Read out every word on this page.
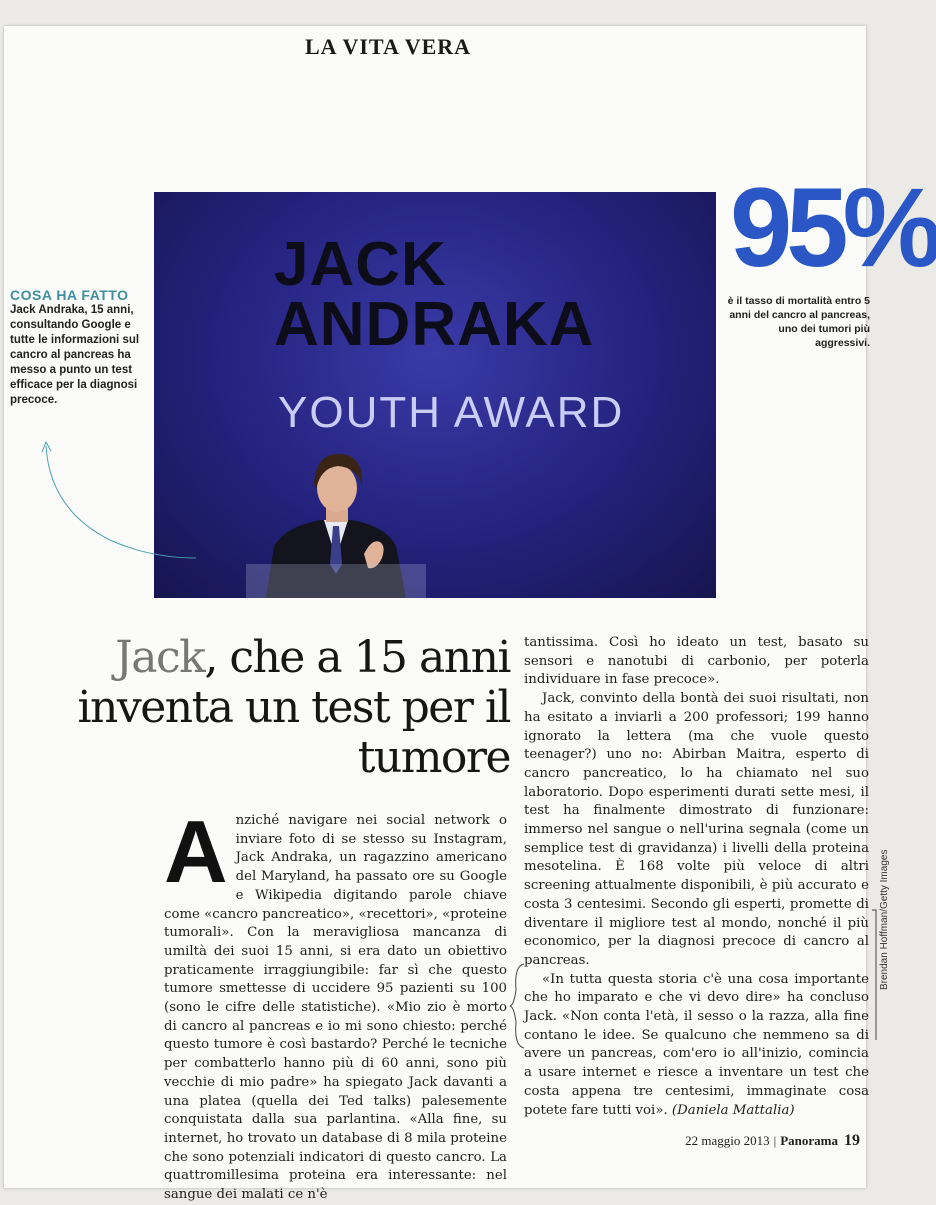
LA VITA VERA
JACK
ANDRAKA
YOUTH AWARD
COSA HA FATTO
Jack Andraka, 15 anni, consultando Google e tutte le informazioni sul cancro al pancreas ha messo a punto un test efficace per la diagnosi precoce.
95%
è il tasso di mortalità entro 5 anni del cancro al pancreas, uno dei tumori più aggressivi.
Jack, che a 15 anni inventa un test per il tumore
A nziché navigare nei social network o inviare foto di se stesso su Instagram, Jack Andraka, un ragazzino americano del Maryland, ha passato ore su Google e Wikipedia digitando parole chiave come «cancro pancreatico», «recettori», «proteine tumorali». Con la meravigliosa mancanza di umiltà dei suoi 15 anni, si era dato un obiettivo praticamente irraggiungibile: far sì che questo tumore smettesse di uccidere 95 pazienti su 100 (sono le cifre delle statistiche). «Mio zio è morto di cancro al pancreas e io mi sono chiesto: perché questo tumore è così bastardo? Perché le tecniche per combatterlo hanno più di 60 anni, sono più vecchie di mio padre» ha spiegato Jack davanti a una platea (quella dei Ted talks) palesemente conquistata dalla sua parlantina. «Alla fine, su internet, ho trovato un database di 8 mila proteine che sono potenziali indicatori di questo cancro. La quattromillesima proteina era interessante: nel sangue dei malati ce n'è

tantissima. Così ho ideato un test, basato su sensori e nanotubi di carbonio, per poterla individuare in fase precoce».

Jack, convinto della bontà dei suoi risultati, non ha esitato a inviarli a 200 professori; 199 hanno ignorato la lettera (ma che vuole questo teenager?) uno no: Abirban Maitra, esperto di cancro pancreatico, lo ha chiamato nel suo laboratorio. Dopo esperimenti durati sette mesi, il test ha finalmente dimostrato di funzionare: immerso nel sangue o nell'urina segnala (come un semplice test di gravidanza) i livelli della proteina mesotelina. È 168 volte più veloce di altri screening attualmente disponibili, è più accurato e costa 3 centesimi. Secondo gli esperti, promette di diventare il migliore test al mondo, nonché il più economico, per la diagnosi precoce di cancro al pancreas.

«In tutta questa storia c'è una cosa importante che ho imparato e che vi devo dire» ha concluso Jack. «Non conta l'età, il sesso o la razza, alla fine contano le idee. Se qualcuno che nemmeno sa di avere un pancreas, com'ero io all'inizio, comincia a usare internet e riesce a inventare un test che costa appena tre centesimi, immaginate cosa potete fare tutti voi». (Daniela Mattalia)

Brendan Hoffman/Getty Images
22 maggio 2013 | Panorama 19
